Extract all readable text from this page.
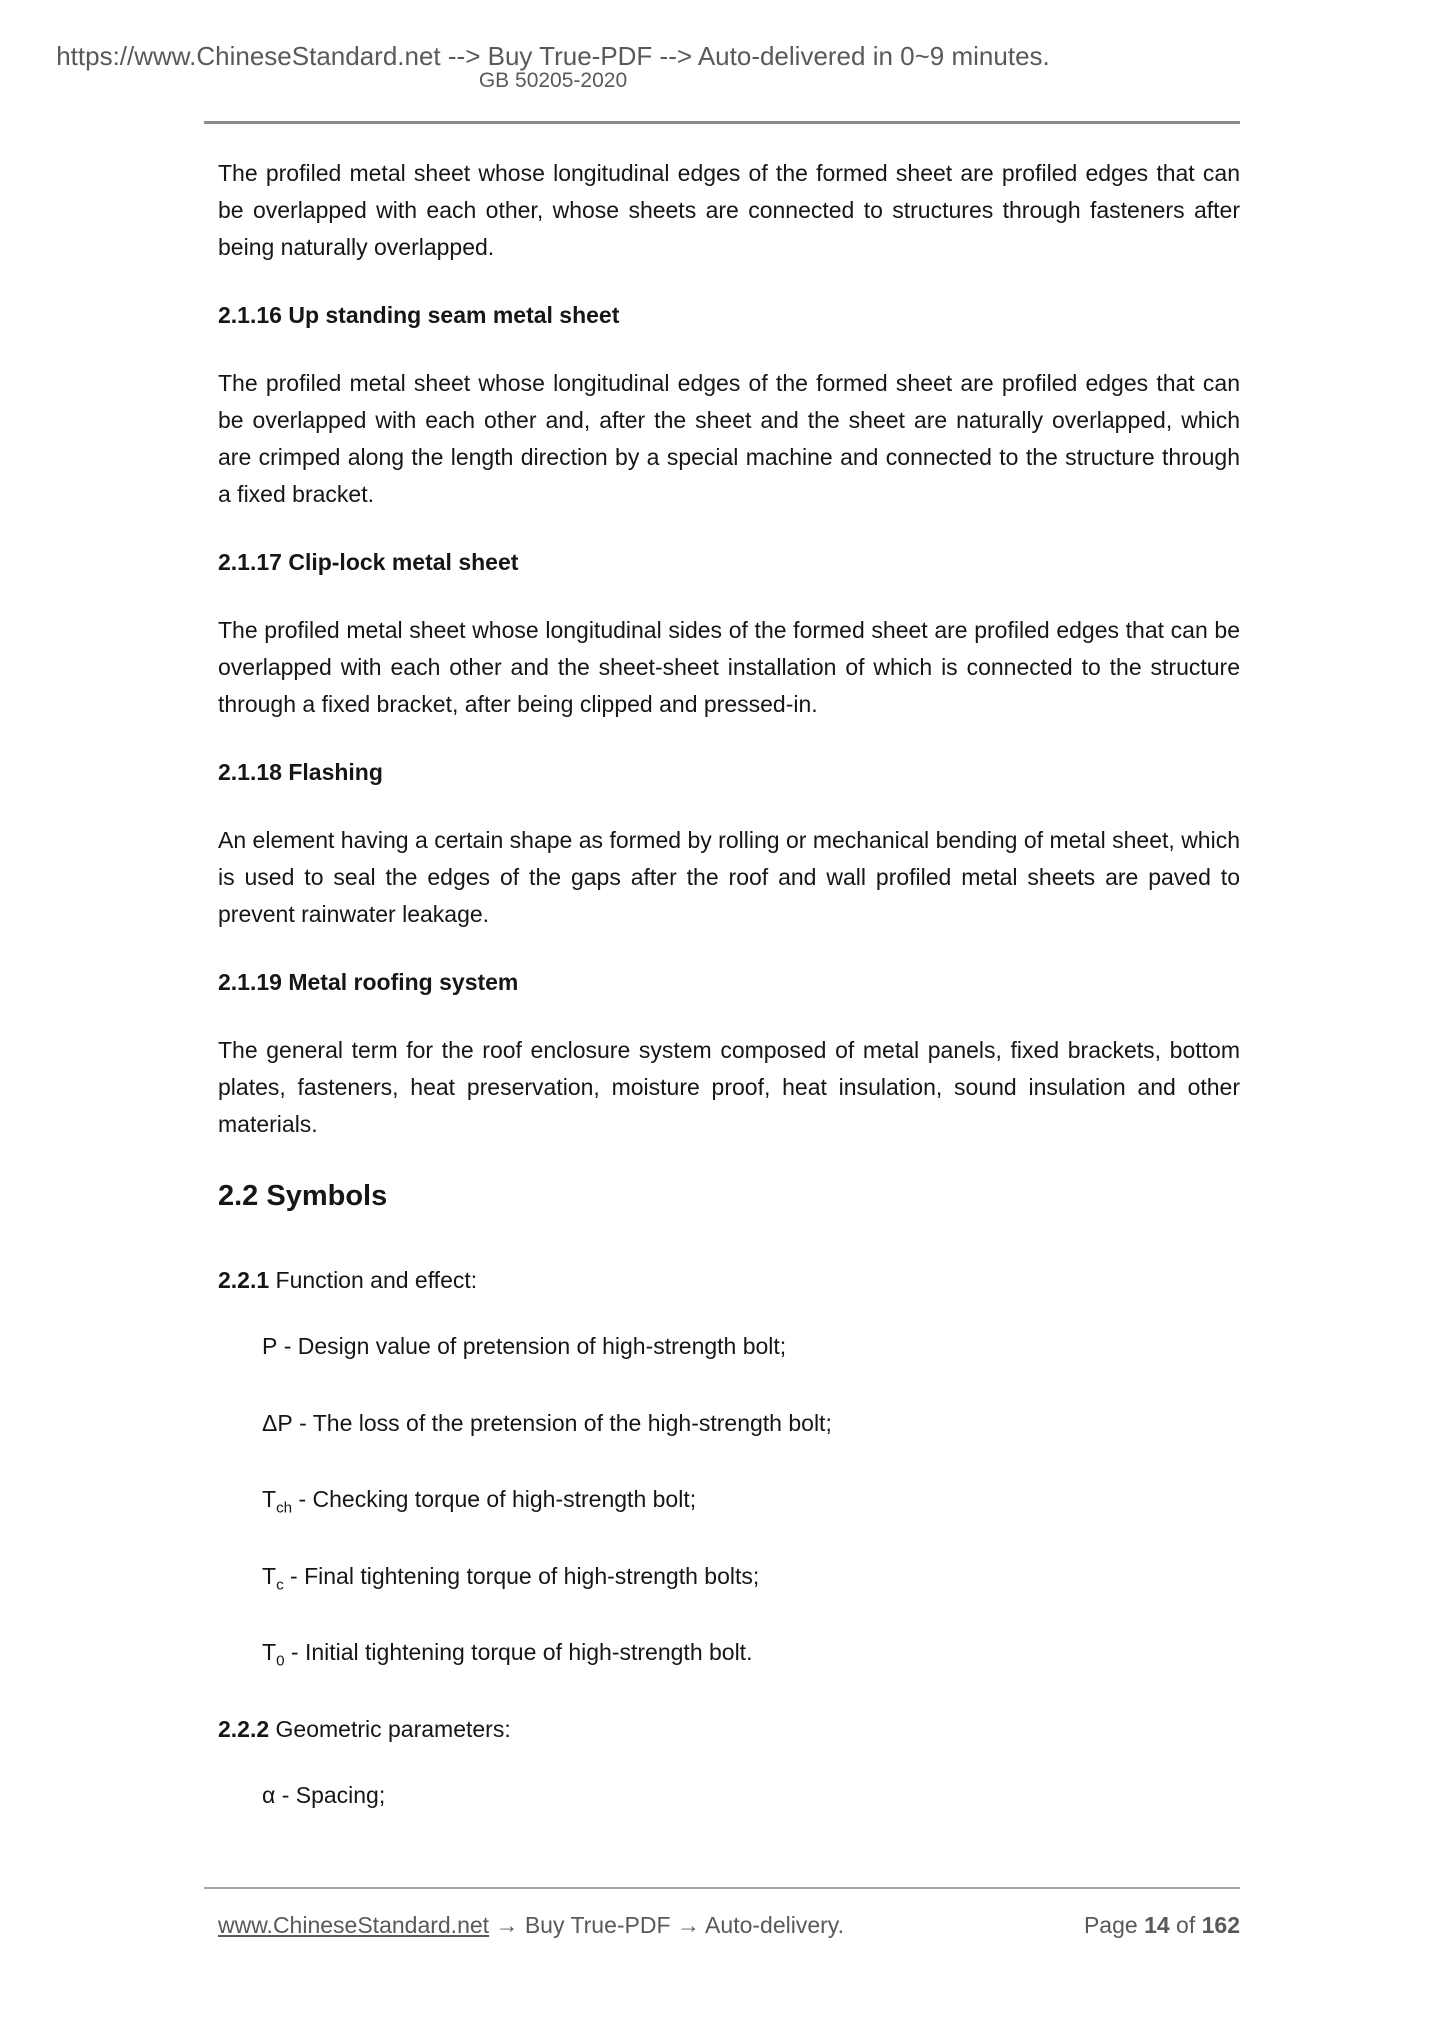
https://www.ChineseStandard.net --> Buy True-PDF --> Auto-delivered in 0~9 minutes.
GB 50205-2020

The profiled metal sheet whose longitudinal edges of the formed sheet are profiled edges that can be overlapped with each other, whose sheets are connected to structures through fasteners after being naturally overlapped.

2.1.16 Up standing seam metal sheet

The profiled metal sheet whose longitudinal edges of the formed sheet are profiled edges that can be overlapped with each other and, after the sheet and the sheet are naturally overlapped, which are crimped along the length direction by a special machine and connected to the structure through a fixed bracket.

2.1.17 Clip-lock metal sheet

The profiled metal sheet whose longitudinal sides of the formed sheet are profiled edges that can be overlapped with each other and the sheet-sheet installation of which is connected to the structure through a fixed bracket, after being clipped and pressed-in.

2.1.18 Flashing

An element having a certain shape as formed by rolling or mechanical bending of metal sheet, which is used to seal the edges of the gaps after the roof and wall profiled metal sheets are paved to prevent rainwater leakage.

2.1.19 Metal roofing system

The general term for the roof enclosure system composed of metal panels, fixed brackets, bottom plates, fasteners, heat preservation, moisture proof, heat insulation, sound insulation and other materials.

2.2 Symbols

2.2.1 Function and effect:

P - Design value of pretension of high-strength bolt;
ΔP - The loss of the pretension of the high-strength bolt;
$T_{ch}$ - Checking torque of high-strength bolt;
$T_c$ - Final tightening torque of high-strength bolts;
$T_0$ - Initial tightening torque of high-strength bolt.

2.2.2 Geometric parameters:

α - Spacing;
www.ChineseStandard.net → Buy True-PDF → Auto-delivery.	Page 14 of 162
